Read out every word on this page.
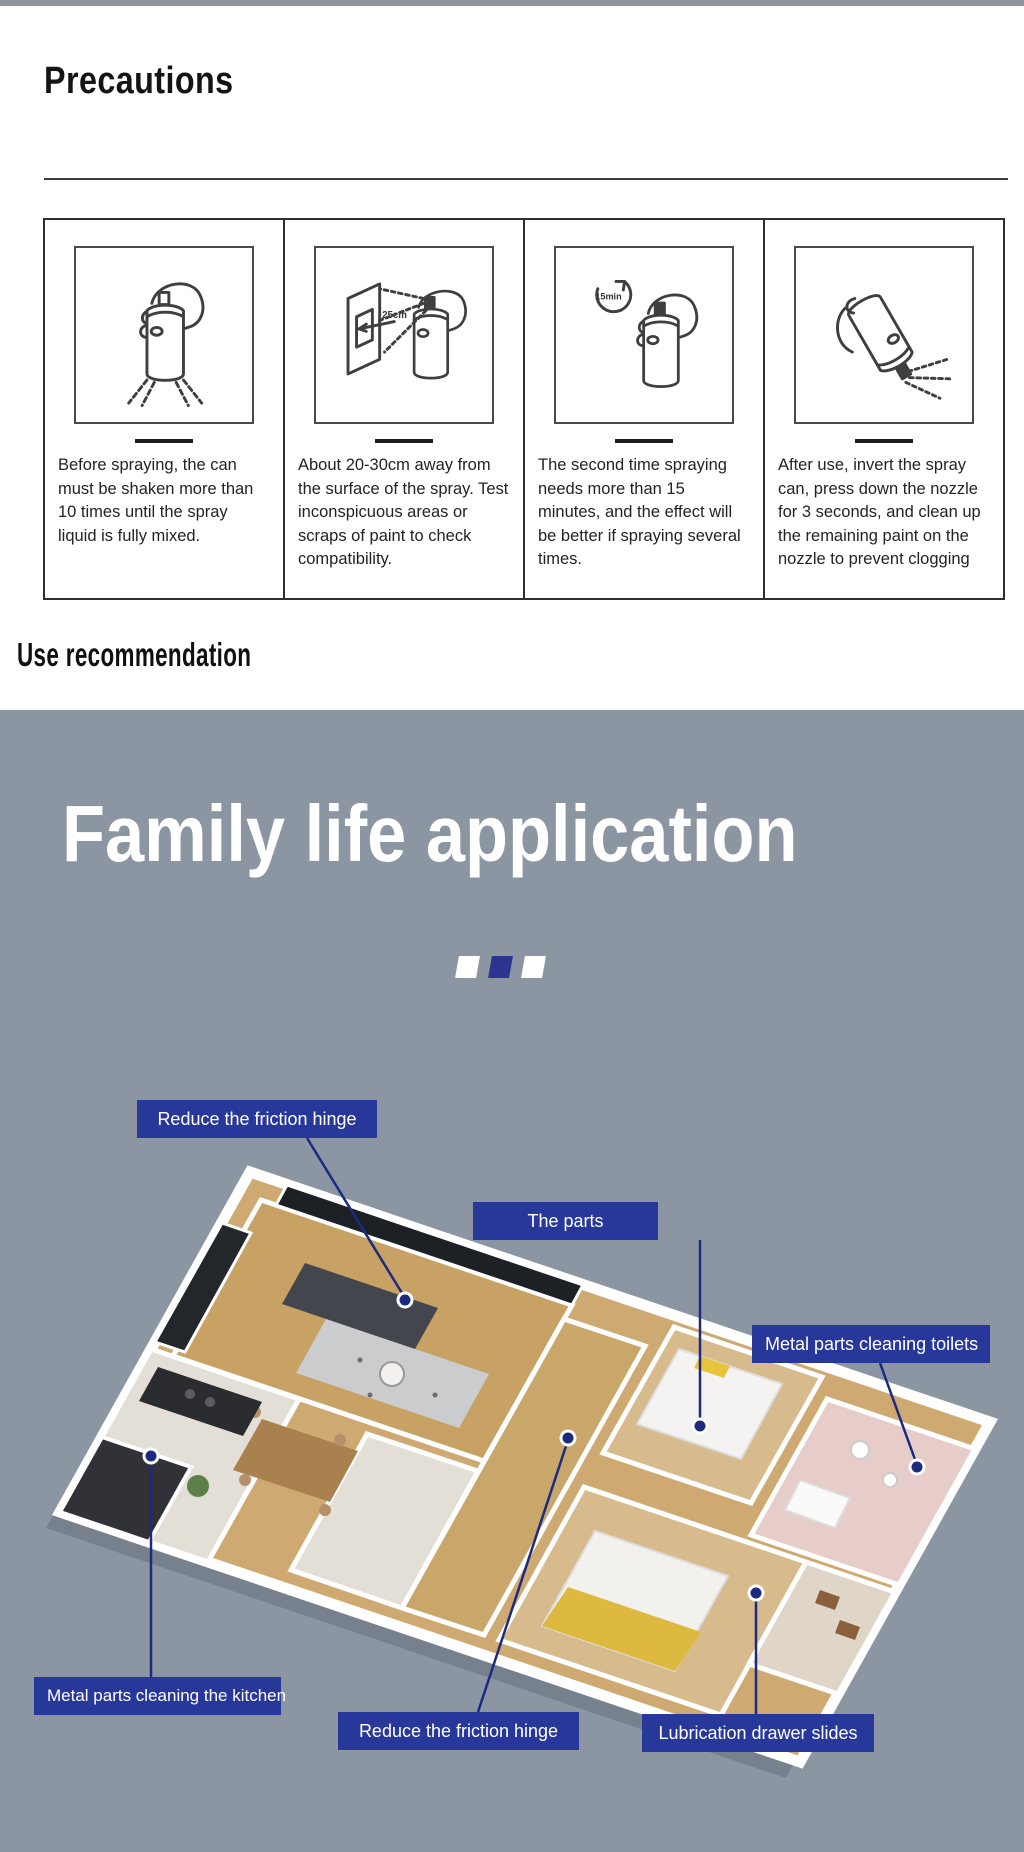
Precautions

Before spraying, the can must be shaken more than 10 times until the spray liquid is fully mixed.

25cm

About 20-30cm away from the surface of the spray. Test inconspicuous areas or scraps of paint to check compatibility.

15min

The second time spraying needs more than 15 minutes, and the effect will be better if spraying several times.

After use, invert the spray can, press down the nozzle for 3 seconds, and clean up the remaining paint on the nozzle to prevent clogging

Use recommendation
Family life application
Reduce the friction hinge
The parts
Metal parts cleaning toilets
Metal parts cleaning the kitchen
Reduce the friction hinge	Lubrication drawer slides
